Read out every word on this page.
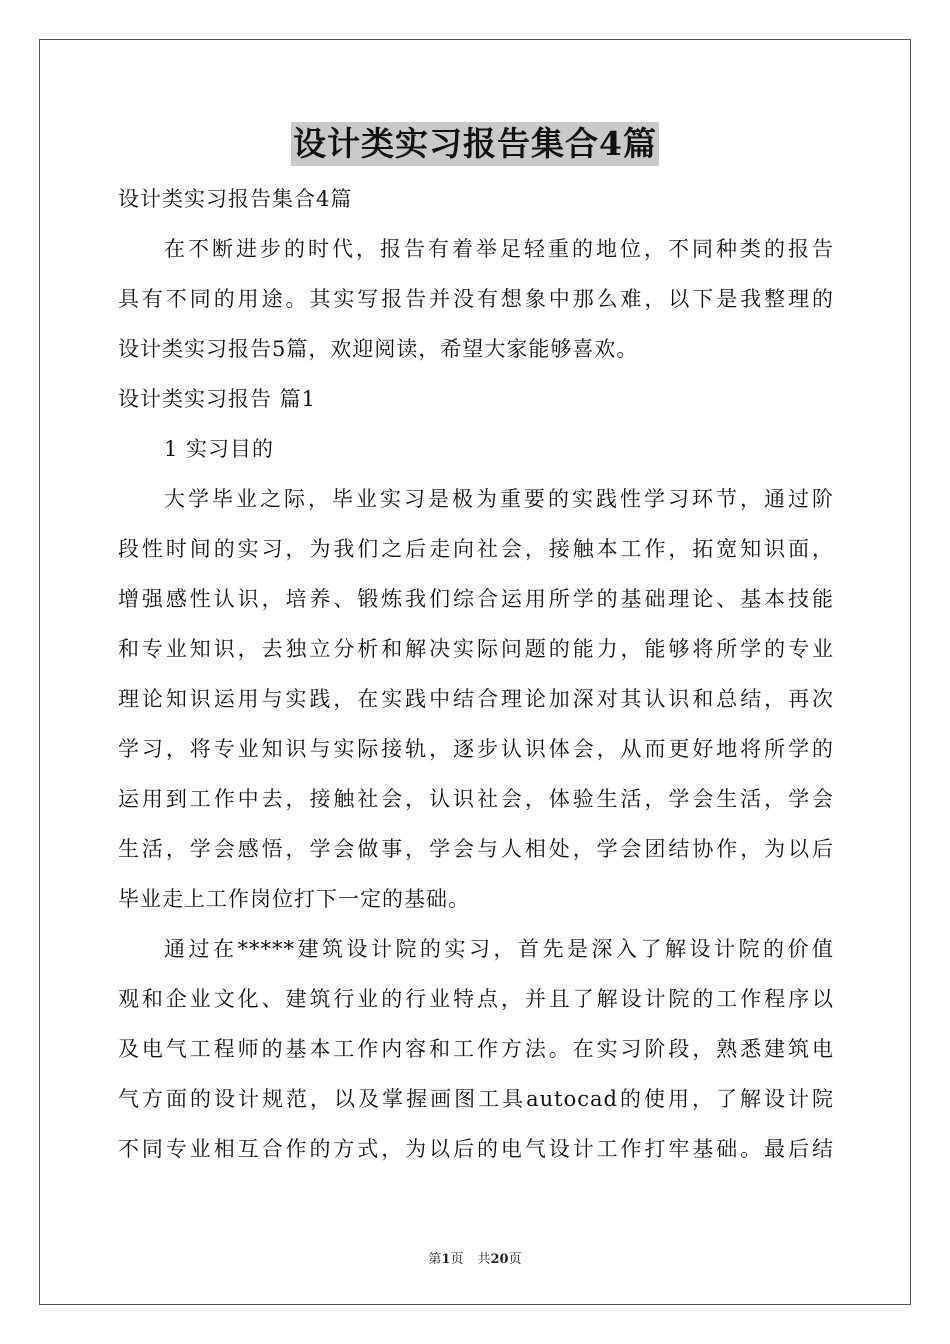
设计类实习报告集合4篇
设计类实习报告集合4篇
在不断进步的时代，报告有着举足轻重的地位，不同种类的报告
具有不同的用途。其实写报告并没有想象中那么难，以下是我整理的
设计类实习报告5篇，欢迎阅读，希望大家能够喜欢。
设计类实习报告 篇1
1 实习目的
大学毕业之际，毕业实习是极为重要的实践性学习环节，通过阶
段性时间的实习，为我们之后走向社会，接触本工作，拓宽知识面，
增强感性认识，培养、锻炼我们综合运用所学的基础理论、基本技能
和专业知识，去独立分析和解决实际问题的能力，能够将所学的专业
理论知识运用与实践，在实践中结合理论加深对其认识和总结，再次
学习，将专业知识与实际接轨，逐步认识体会，从而更好地将所学的
运用到工作中去，接触社会，认识社会，体验生活，学会生活，学会
生活，学会感悟，学会做事，学会与人相处，学会团结协作，为以后
毕业走上工作岗位打下一定的基础。
通过在*****建筑设计院的实习，首先是深入了解设计院的价值
观和企业文化、建筑行业的行业特点，并且了解设计院的工作程序以
及电气工程师的基本工作内容和工作方法。在实习阶段，熟悉建筑电
气方面的设计规范，以及掌握画图工具autocad的使用，了解设计院
不同专业相互合作的方式，为以后的电气设计工作打牢基础。最后结
第1页 共20页
